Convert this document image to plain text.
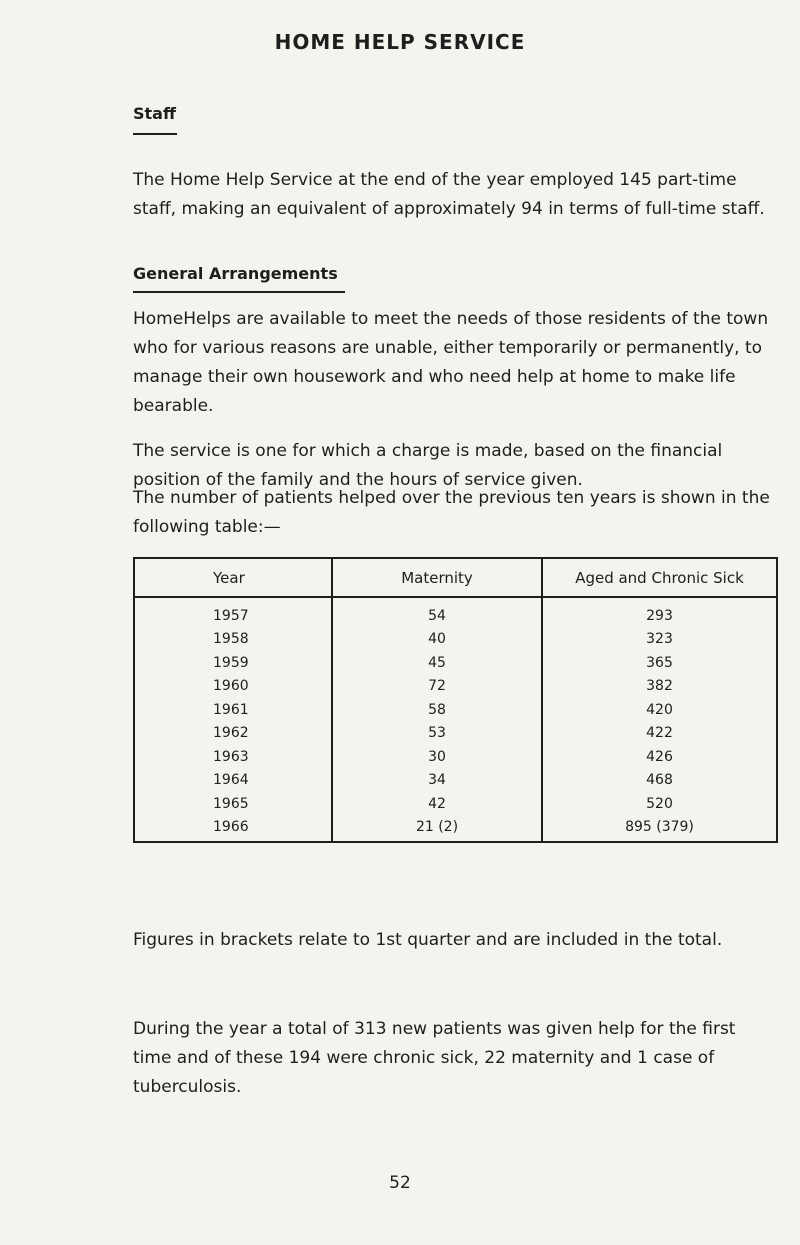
HOME HELP SERVICE
Staff

The Home Help Service at the end of the year employed 145 part-time staff, making an equivalent of approximately 94 in terms of full-time staff.

General Arrangements

HomeHelps are available to meet the needs of those residents of the town who for various reasons are unable, either temporarily or permanently, to manage their own housework and who need help at home to make life bearable.

The service is one for which a charge is made, based on the financial position of the family and the hours of service given.

The number of patients helped over the previous ten years is shown in the following table:—

Year	Maternity	Aged and Chronic Sick
1957	54	293
1958	40	323
1959	45	365
1960	72	382
1961	58	420
1962	53	422
1963	30	426
1964	34	468
1965	42	520
1966	21 (2)	895 (379)

Figures in brackets relate to 1st quarter and are included in the total.

During the year a total of 313 new patients was given help for the first time and of these 194 were chronic sick, 22 maternity and 1 case of tuberculosis.

52
